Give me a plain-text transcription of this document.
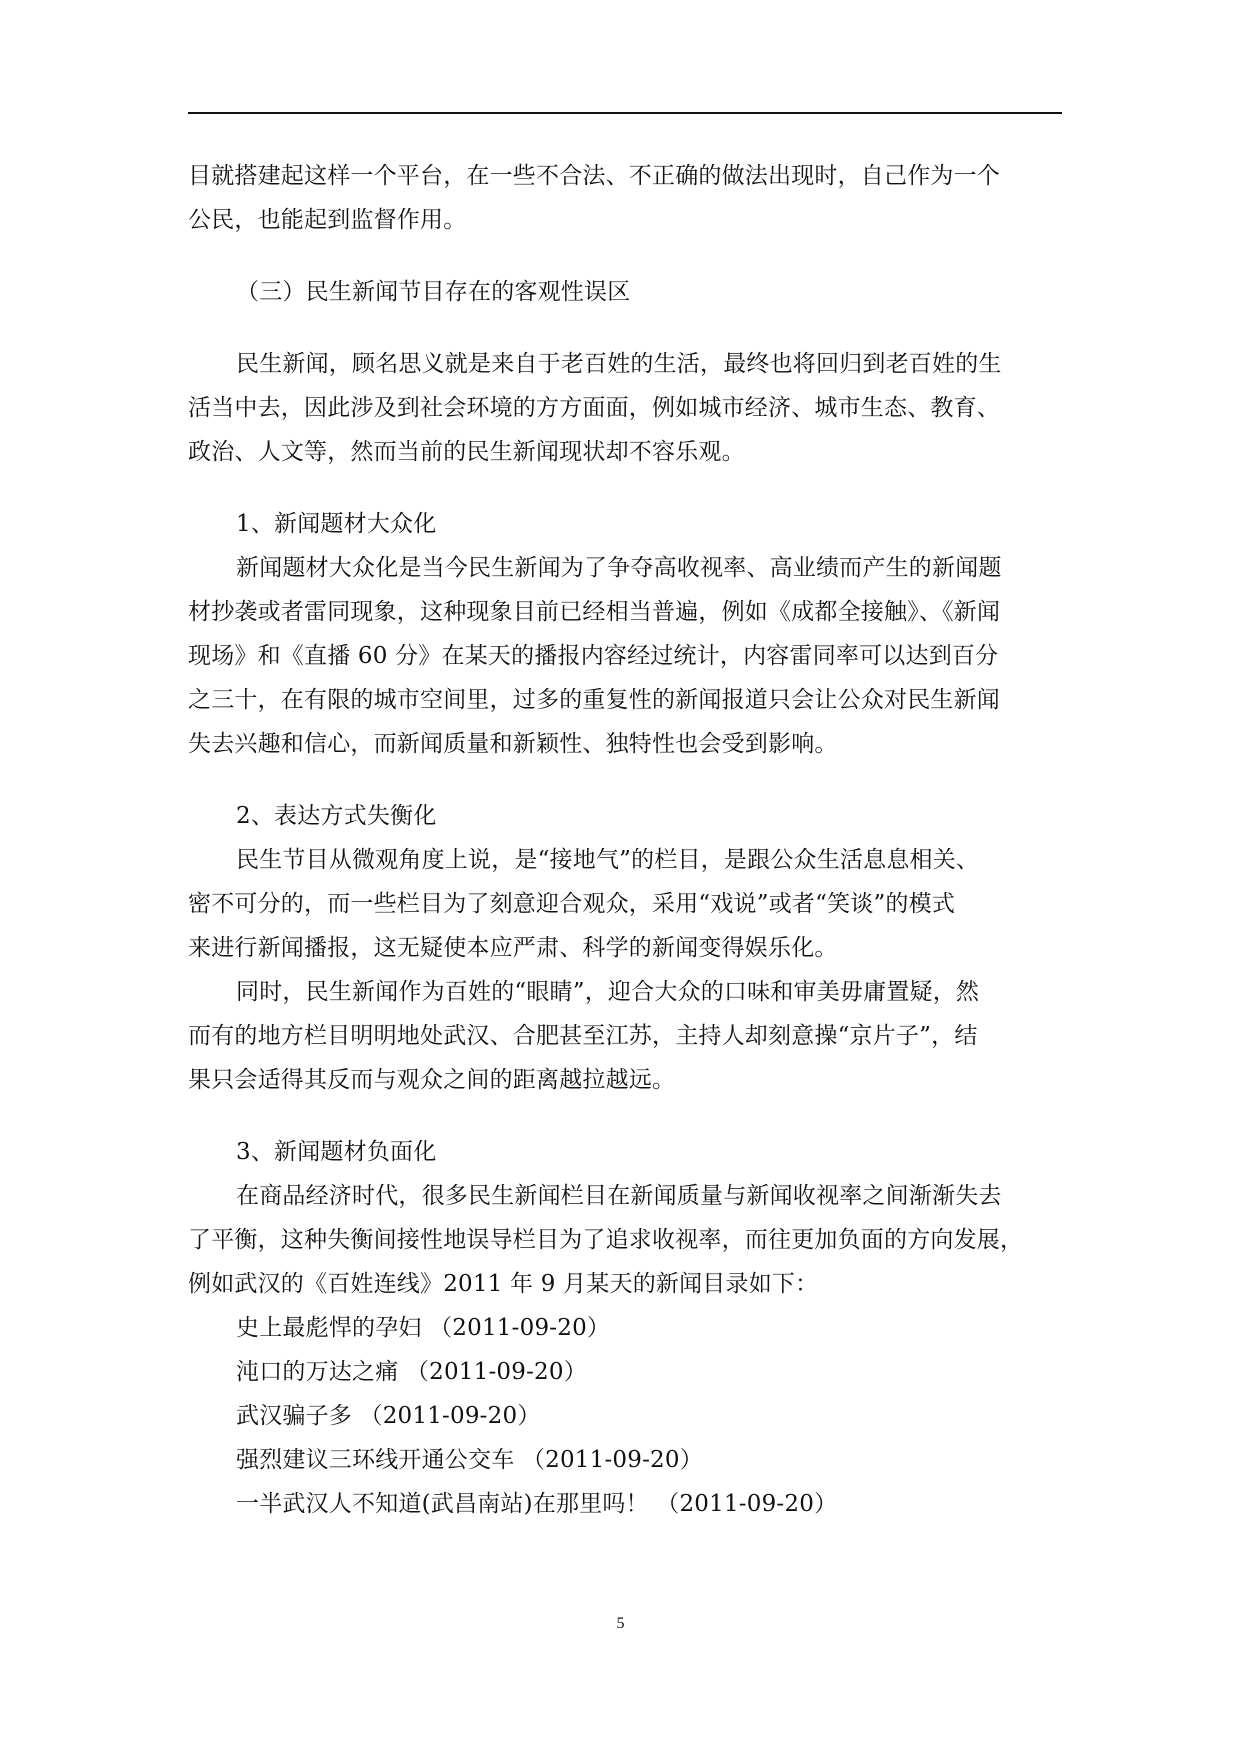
目就搭建起这样一个平台，在一些不合法、不正确的做法出现时，自己作为一个

公民，也能起到监督作用。

（三）民生新闻节目存在的客观性误区

民生新闻，顾名思义就是来自于老百姓的生活，最终也将回归到老百姓的生

活当中去，因此涉及到社会环境的方方面面，例如城市经济、城市生态、教育、

政治、人文等，然而当前的民生新闻现状却不容乐观。

1、新闻题材大众化

新闻题材大众化是当今民生新闻为了争夺高收视率、高业绩而产生的新闻题

材抄袭或者雷同现象，这种现象目前已经相当普遍，例如《成都全接触》、《新闻

现场》和《直播 60 分》在某天的播报内容经过统计，内容雷同率可以达到百分

之三十，在有限的城市空间里，过多的重复性的新闻报道只会让公众对民生新闻

失去兴趣和信心，而新闻质量和新颖性、独特性也会受到影响。

2、表达方式失衡化

民生节目从微观角度上说，是“接地气”的栏目，是跟公众生活息息相关、

密不可分的，而一些栏目为了刻意迎合观众，采用“戏说”或者“笑谈”的模式

来进行新闻播报，这无疑使本应严肃、科学的新闻变得娱乐化。

同时，民生新闻作为百姓的“眼睛”，迎合大众的口味和审美毋庸置疑，然

而有的地方栏目明明地处武汉、合肥甚至江苏，主持人却刻意操“京片子”，结

果只会适得其反而与观众之间的距离越拉越远。

3、新闻题材负面化

在商品经济时代，很多民生新闻栏目在新闻质量与新闻收视率之间渐渐失去

了平衡，这种失衡间接性地误导栏目为了追求收视率，而往更加负面的方向发展，

例如武汉的《百姓连线》2011 年 9 月某天的新闻目录如下：

史上最彪悍的孕妇 （2011-09-20）

沌口的万达之痛 （2011-09-20）

武汉骗子多 （2011-09-20）

强烈建议三环线开通公交车 （2011-09-20）

一半武汉人不知道(武昌南站)在那里吗！ （2011-09-20）

5
